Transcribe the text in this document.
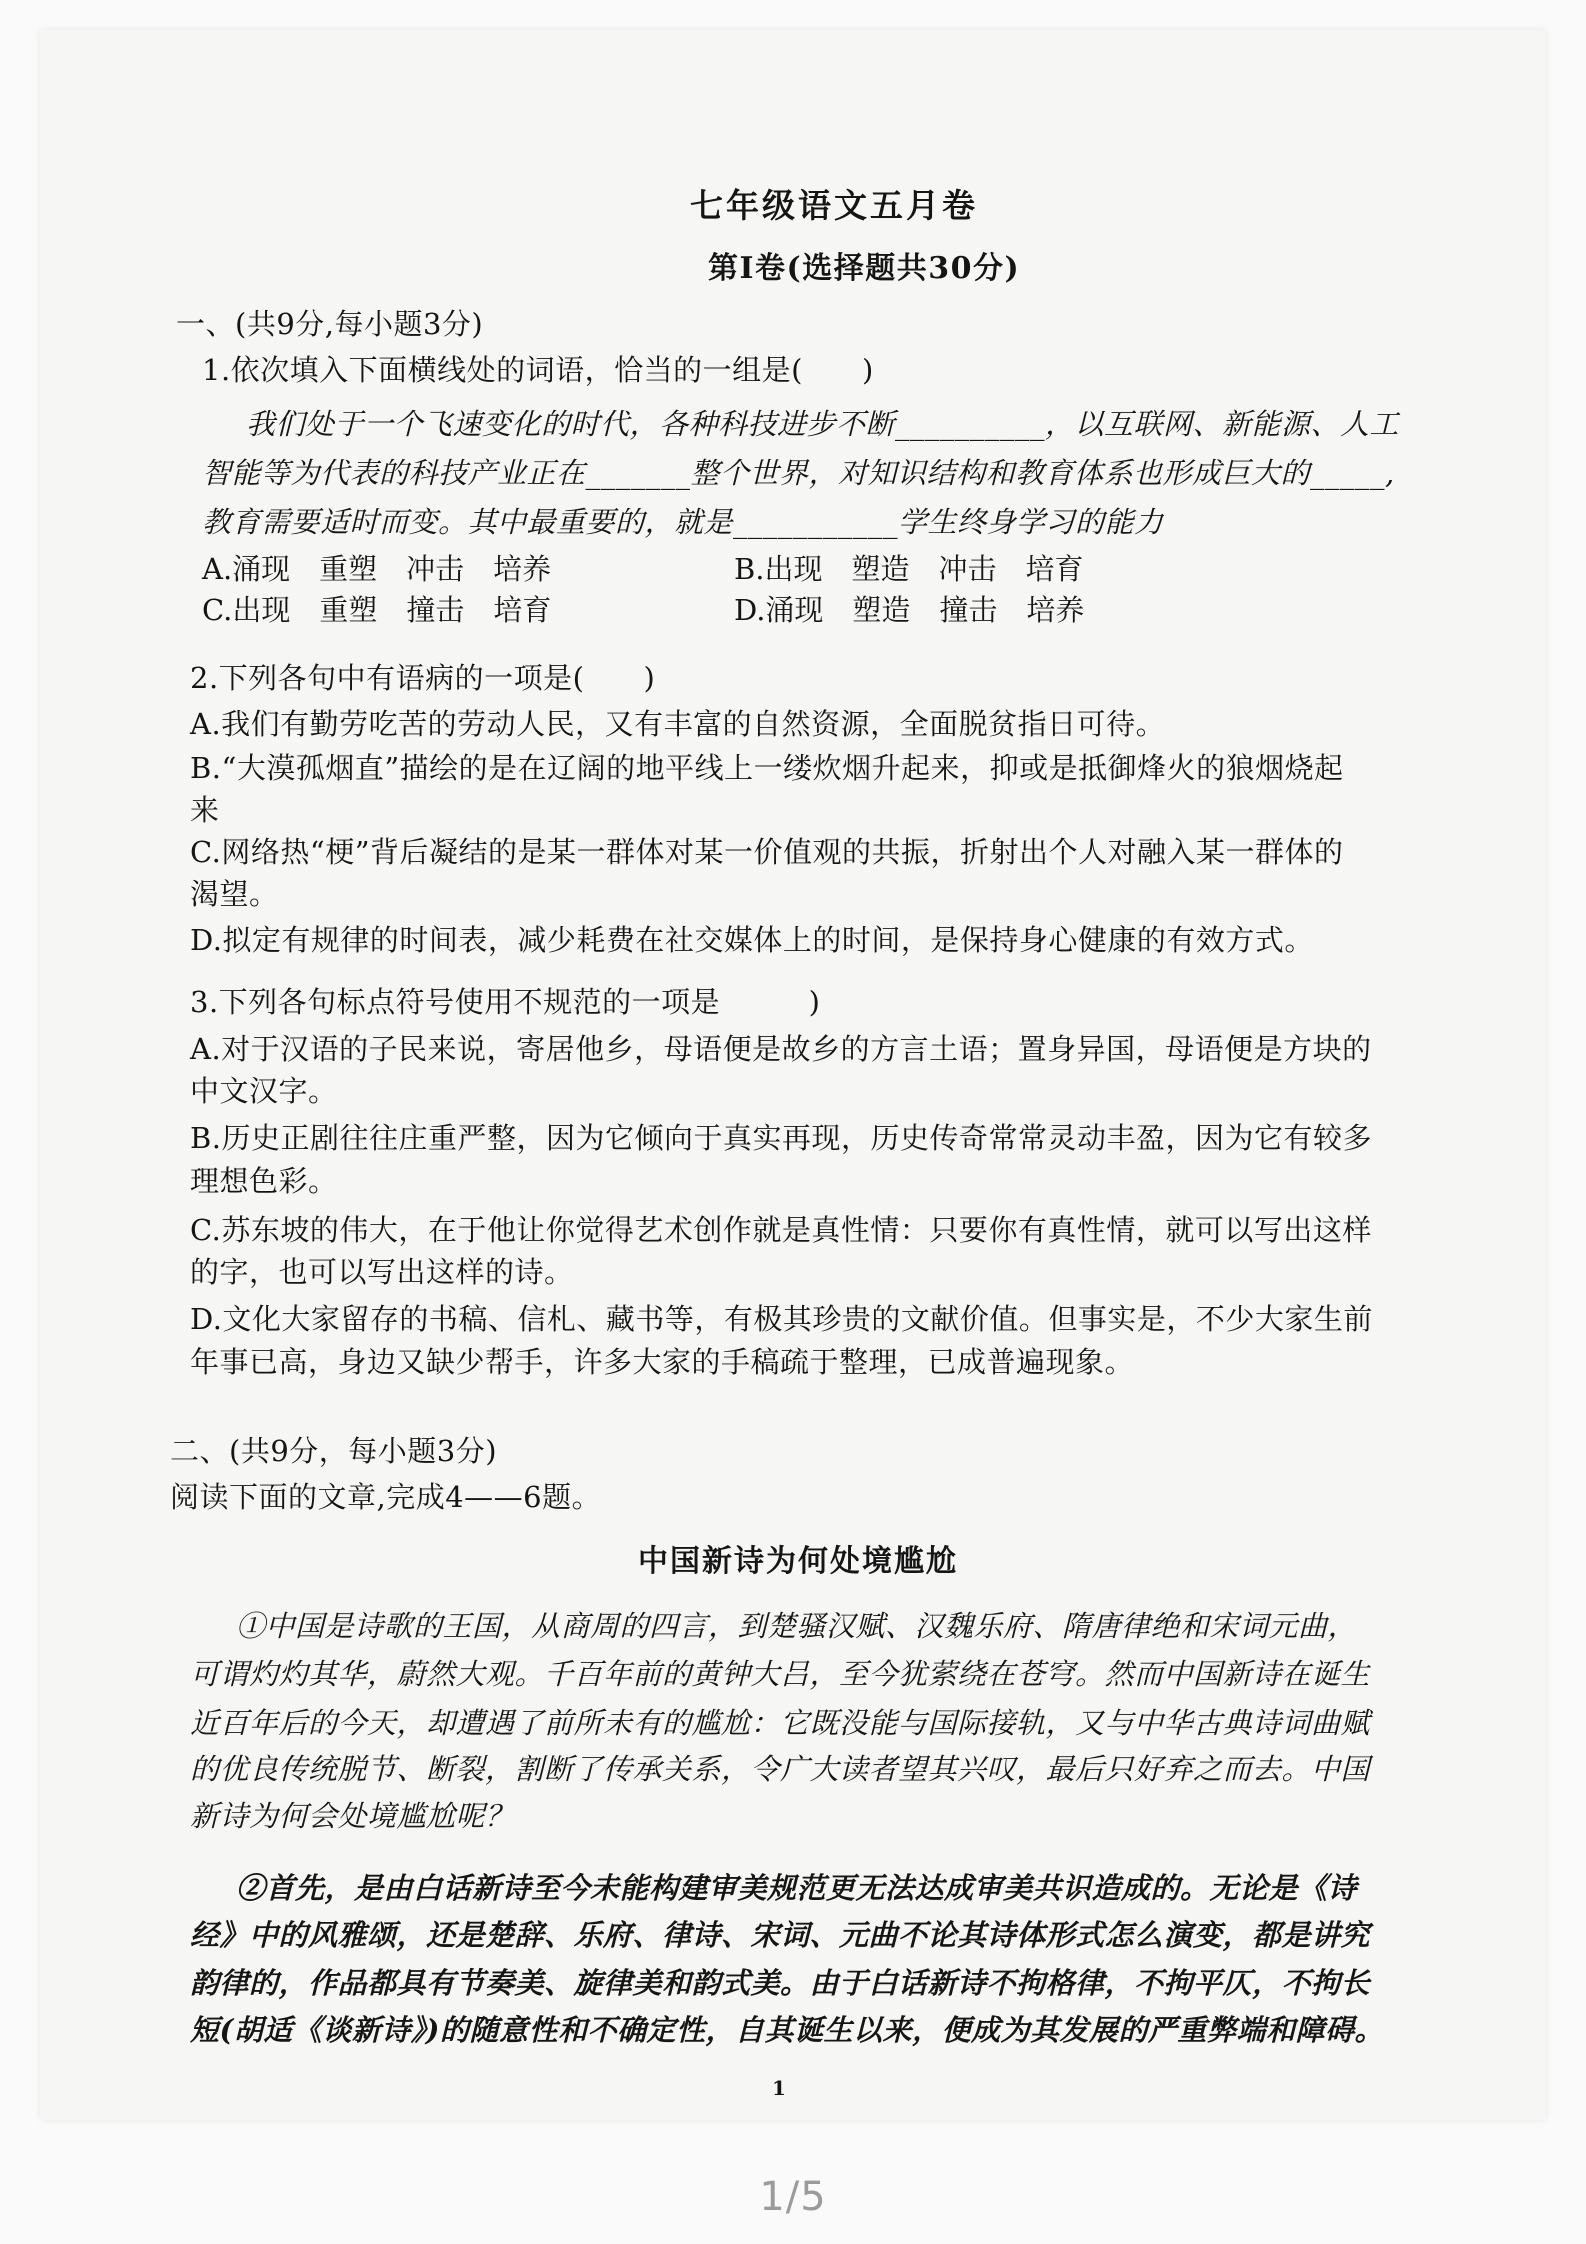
七年级语文五月卷
第Ⅰ卷(选择题共30分)
一、(共9分,每小题3分)
1.依次填入下面横线处的词语，恰当的一组是(　　)
我们处于一个飞速变化的时代，各种科技进步不断__________，以互联网、新能源、人工
智能等为代表的科技产业正在_______整个世界，对知识结构和教育体系也形成巨大的_____,
教育需要适时而变。其中最重要的，就是___________学生终身学习的能力
A.涌现　重塑　冲击　培养	B.出现　塑造　冲击　培育
C.出现　重塑　撞击　培育	D.涌现　塑造　撞击　培养
2.下列各句中有语病的一项是(　　)
A.我们有勤劳吃苦的劳动人民，又有丰富的自然资源，全面脱贫指日可待。
B.“大漠孤烟直”描绘的是在辽阔的地平线上一缕炊烟升起来，抑或是抵御烽火的狼烟烧起
来
C.网络热“梗”背后凝结的是某一群体对某一价值观的共振，折射出个人对融入某一群体的
渴望。
D.拟定有规律的时间表，减少耗费在社交媒体上的时间，是保持身心健康的有效方式。
3.下列各句标点符号使用不规范的一项是　　　)
A.对于汉语的子民来说，寄居他乡，母语便是故乡的方言土语；置身异国，母语便是方块的
中文汉字。
B.历史正剧往往庄重严整，因为它倾向于真实再现，历史传奇常常灵动丰盈，因为它有较多
理想色彩。
C.苏东坡的伟大，在于他让你觉得艺术创作就是真性情：只要你有真性情，就可以写出这样
的字，也可以写出这样的诗。
D.文化大家留存的书稿、信札、藏书等，有极其珍贵的文献价值。但事实是，不少大家生前
年事已高，身边又缺少帮手，许多大家的手稿疏于整理，已成普遍现象。
二、(共9分，每小题3分)
阅读下面的文章,完成4——6题。
中国新诗为何处境尴尬
①中国是诗歌的王国，从商周的四言，到楚骚汉赋、汉魏乐府、隋唐律绝和宋词元曲，
可谓灼灼其华，蔚然大观。千百年前的黄钟大吕，至今犹萦绕在苍穹。然而中国新诗在诞生
近百年后的今天，却遭遇了前所未有的尴尬：它既没能与国际接轨，又与中华古典诗词曲赋
的优良传统脱节、断裂，割断了传承关系，令广大读者望其兴叹，最后只好弃之而去。中国
新诗为何会处境尴尬呢？
②首先，是由白话新诗至今未能构建审美规范更无法达成审美共识造成的。无论是《诗
经》中的风雅颂，还是楚辞、乐府、律诗、宋词、元曲不论其诗体形式怎么演变，都是讲究
韵律的，作品都具有节奏美、旋律美和韵式美。由于白话新诗不拘格律，不拘平仄，不拘长
短(胡适《谈新诗》)的随意性和不确定性，自其诞生以来，便成为其发展的严重弊端和障碍。
1
1/5
